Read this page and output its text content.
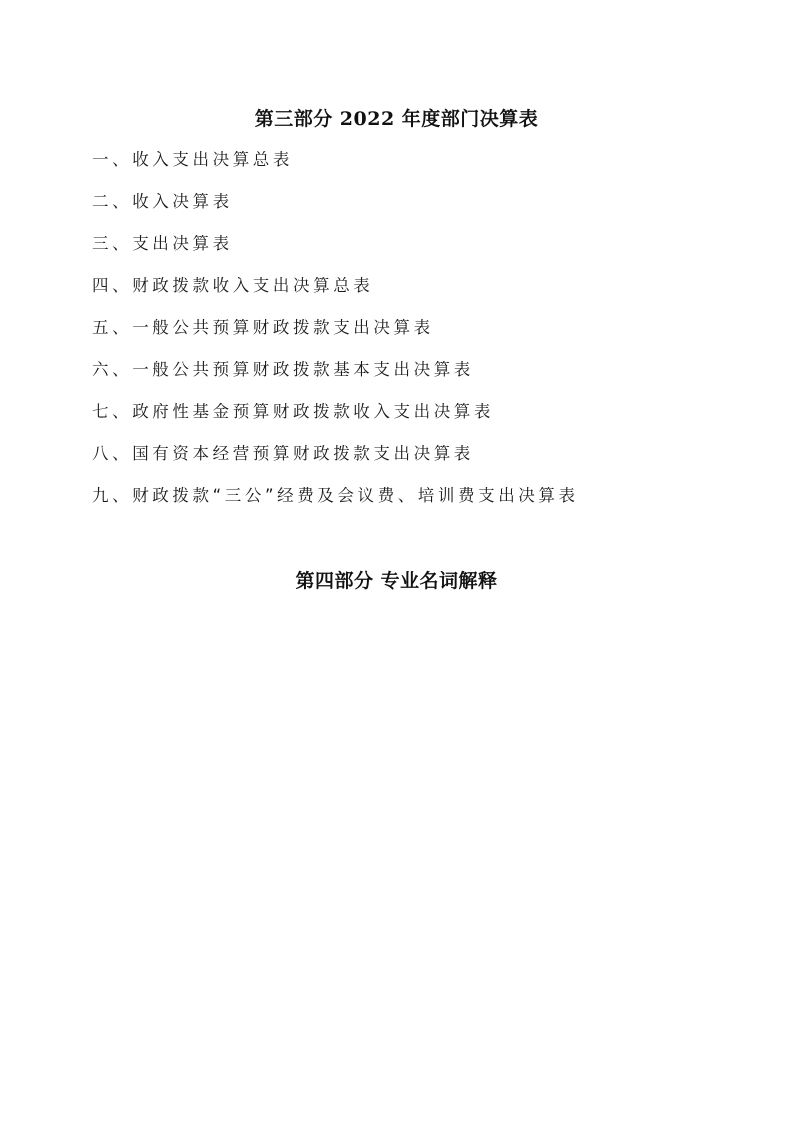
第三部分 2022 年度部门决算表
一、收入支出决算总表
二、收入决算表
三、支出决算表
四、财政拨款收入支出决算总表
五、一般公共预算财政拨款支出决算表
六、一般公共预算财政拨款基本支出决算表
七、政府性基金预算财政拨款收入支出决算表
八、国有资本经营预算财政拨款支出决算表
九、财政拨款“三公”经费及会议费、培训费支出决算表
第四部分 专业名词解释
